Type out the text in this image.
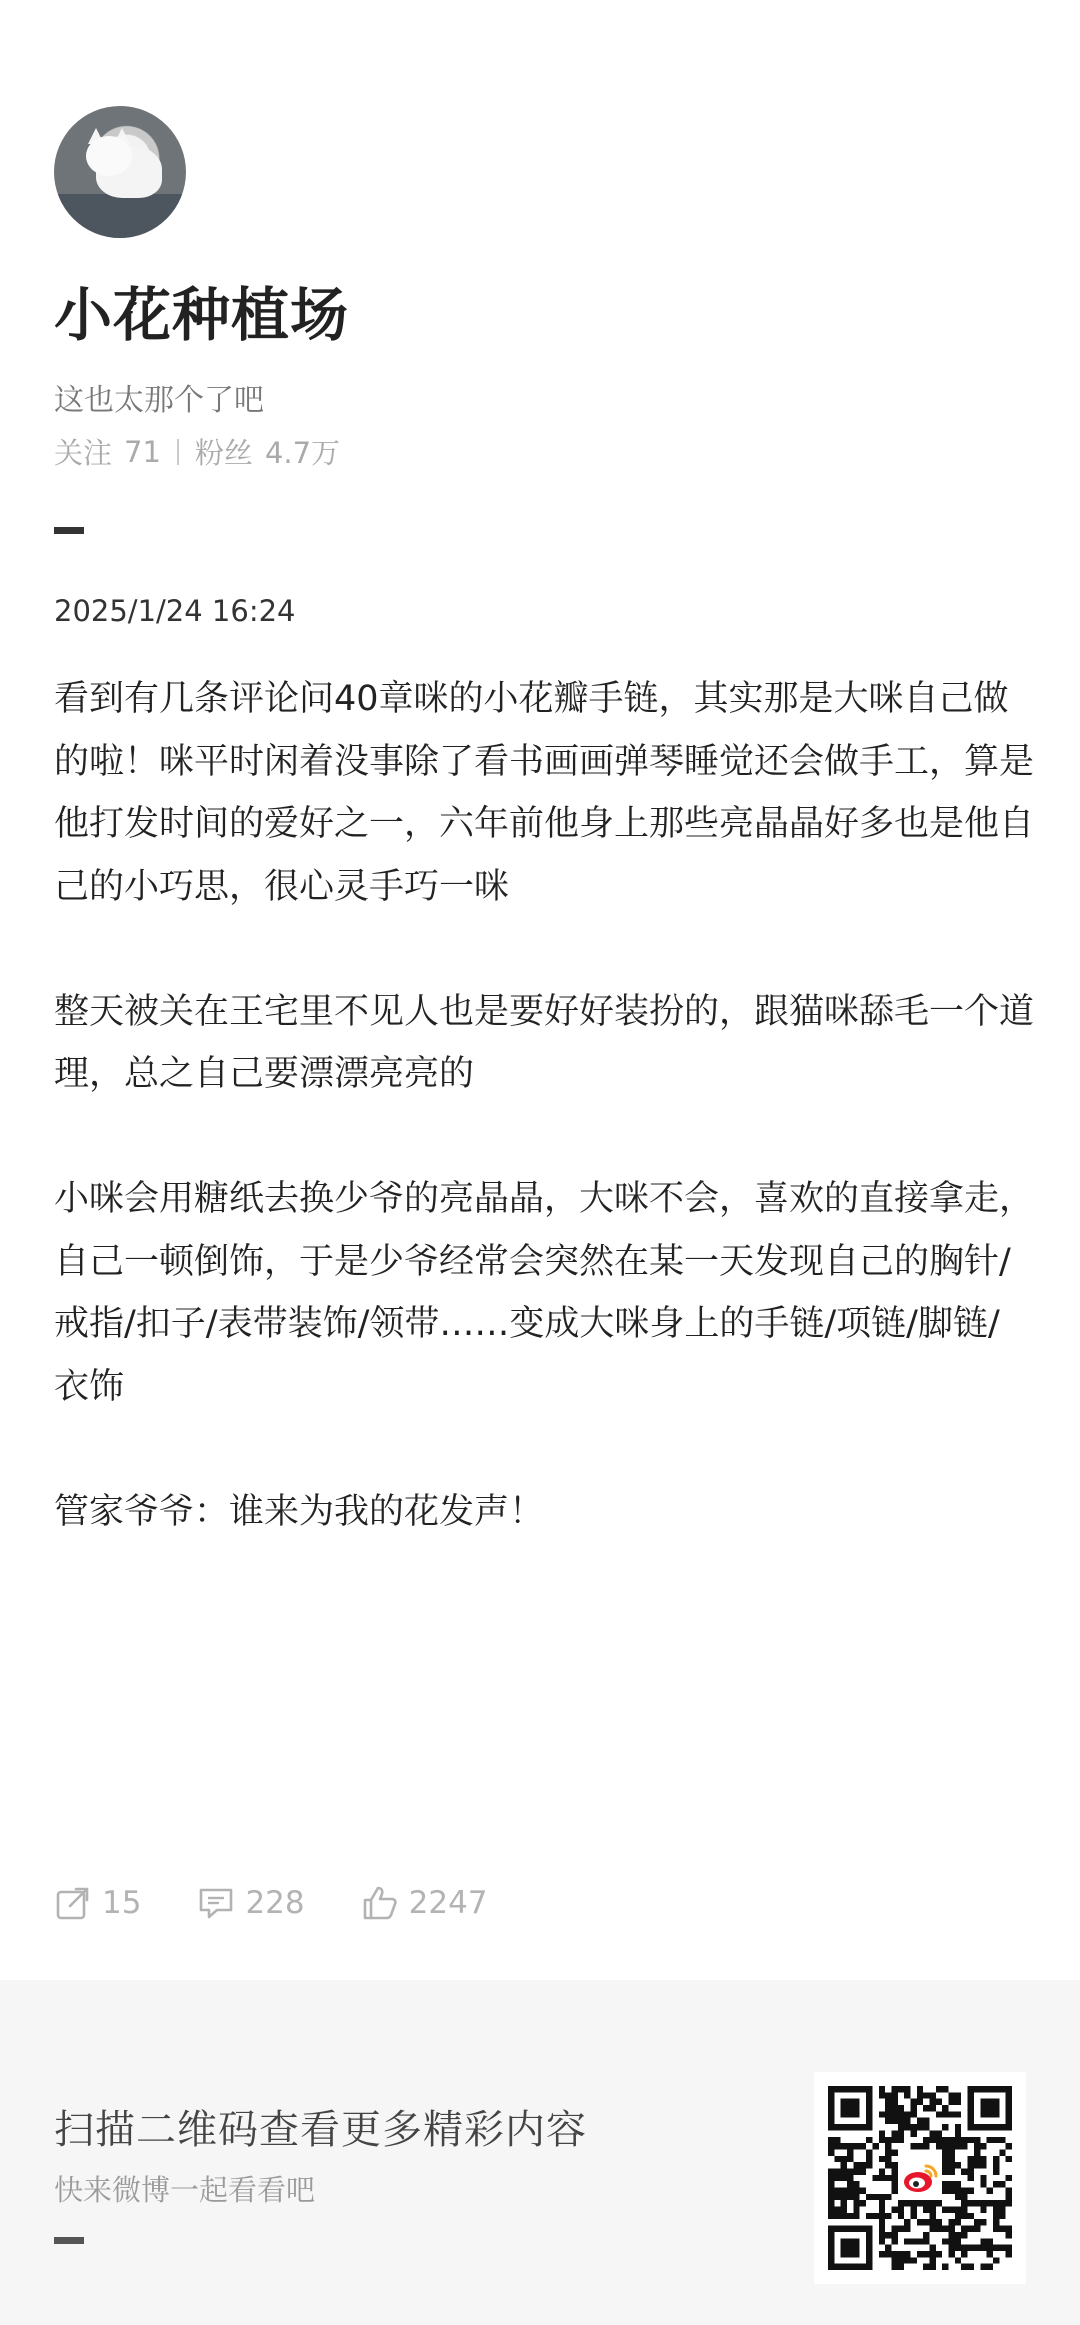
小花种植场
这也太那个了吧
关注 71 粉丝 4.7万
2025/1/24 16:24

看到有几条评论问40章咪的小花瓣手链，其实那是大咪自己做的啦！咪平时闲着没事除了看书画画弹琴睡觉还会做手工，算是他打发时间的爱好之一，六年前他身上那些亮晶晶好多也是他自己的小巧思，很心灵手巧一咪

整天被关在王宅里不见人也是要好好装扮的，跟猫咪舔毛一个道理，总之自己要漂漂亮亮的

小咪会用糖纸去换少爷的亮晶晶，大咪不会，喜欢的直接拿走，自己一顿倒饰，于是少爷经常会突然在某一天发现自己的胸针/戒指/扣子/表带装饰/领带……变成大咪身上的手链/项链/脚链/衣饰

管家爷爷：谁来为我的花发声！

15	228	2247
扫描二维码查看更多精彩内容
快来微博一起看看吧
